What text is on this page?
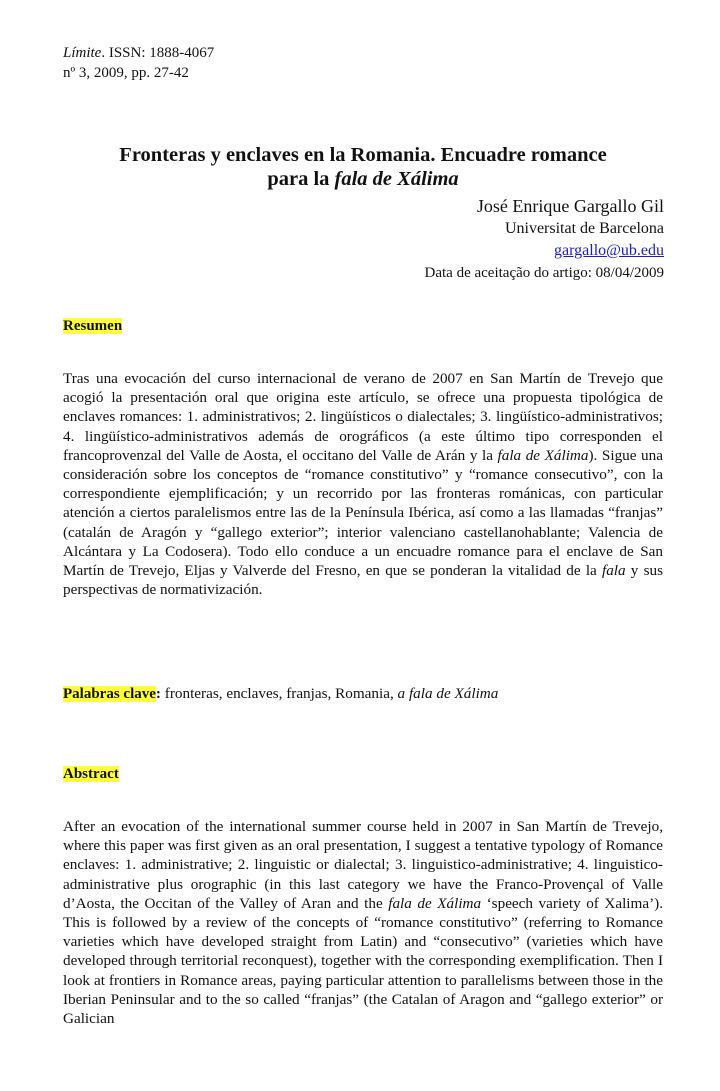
Límite. ISSN: 1888-4067
nº 3, 2009, pp. 27-42
Fronteras y enclaves en la Romania. Encuadre romance
para la fala de Xálima
José Enrique Gargallo Gil
Universitat de Barcelona
gargallo@ub.edu
Data de aceitação do artigo: 08/04/2009
Resumen

Tras una evocación del curso internacional de verano de 2007 en San Martín de Trevejo que acogió la presentación oral que origina este artículo, se ofrece una propuesta tipológica de enclaves romances: 1. administrativos; 2. lingüísticos o dialectales; 3. lingüístico-administrativos; 4. lingüístico-administrativos además de orográficos (a este último tipo corresponden el francoprovenzal del Valle de Aosta, el occitano del Valle de Arán y la fala de Xálima). Sigue una consideración sobre los conceptos de “romance constitutivo” y “romance consecutivo”, con la correspondiente ejemplificación; y un recorrido por las fronteras románicas, con particular atención a ciertos paralelismos entre las de la Península Ibérica, así como a las llamadas “franjas” (catalán de Aragón y “gallego exterior”; interior valenciano castellanohablante; Valencia de Alcántara y La Codosera). Todo ello conduce a un encuadre romance para el enclave de San Martín de Trevejo, Eljas y Valverde del Fresno, en que se ponderan la vitalidad de la fala y sus perspectivas de normativización.

Palabras clave: fronteras, enclaves, franjas, Romania, a fala de Xálima
Abstract

After an evocation of the international summer course held in 2007 in San Martín de Trevejo, where this paper was first given as an oral presentation, I suggest a tentative typology of Romance enclaves: 1. administrative; 2. linguistic or dialectal; 3. linguistico-administrative; 4. linguistico-administrative plus orographic (in this last category we have the Franco-Provençal of Valle d’Aosta, the Occitan of the Valley of Aran and the fala de Xálima ‘speech variety of Xalima’). This is followed by a review of the concepts of “romance constitutivo” (referring to Romance varieties which have developed straight from Latin) and “consecutivo” (varieties which have developed through territorial reconquest), together with the corresponding exemplification. Then I look at frontiers in Romance areas, paying particular attention to parallelisms between those in the Iberian Peninsular and to the so called “franjas” (the Catalan of Aragon and “gallego exterior” or Galician
